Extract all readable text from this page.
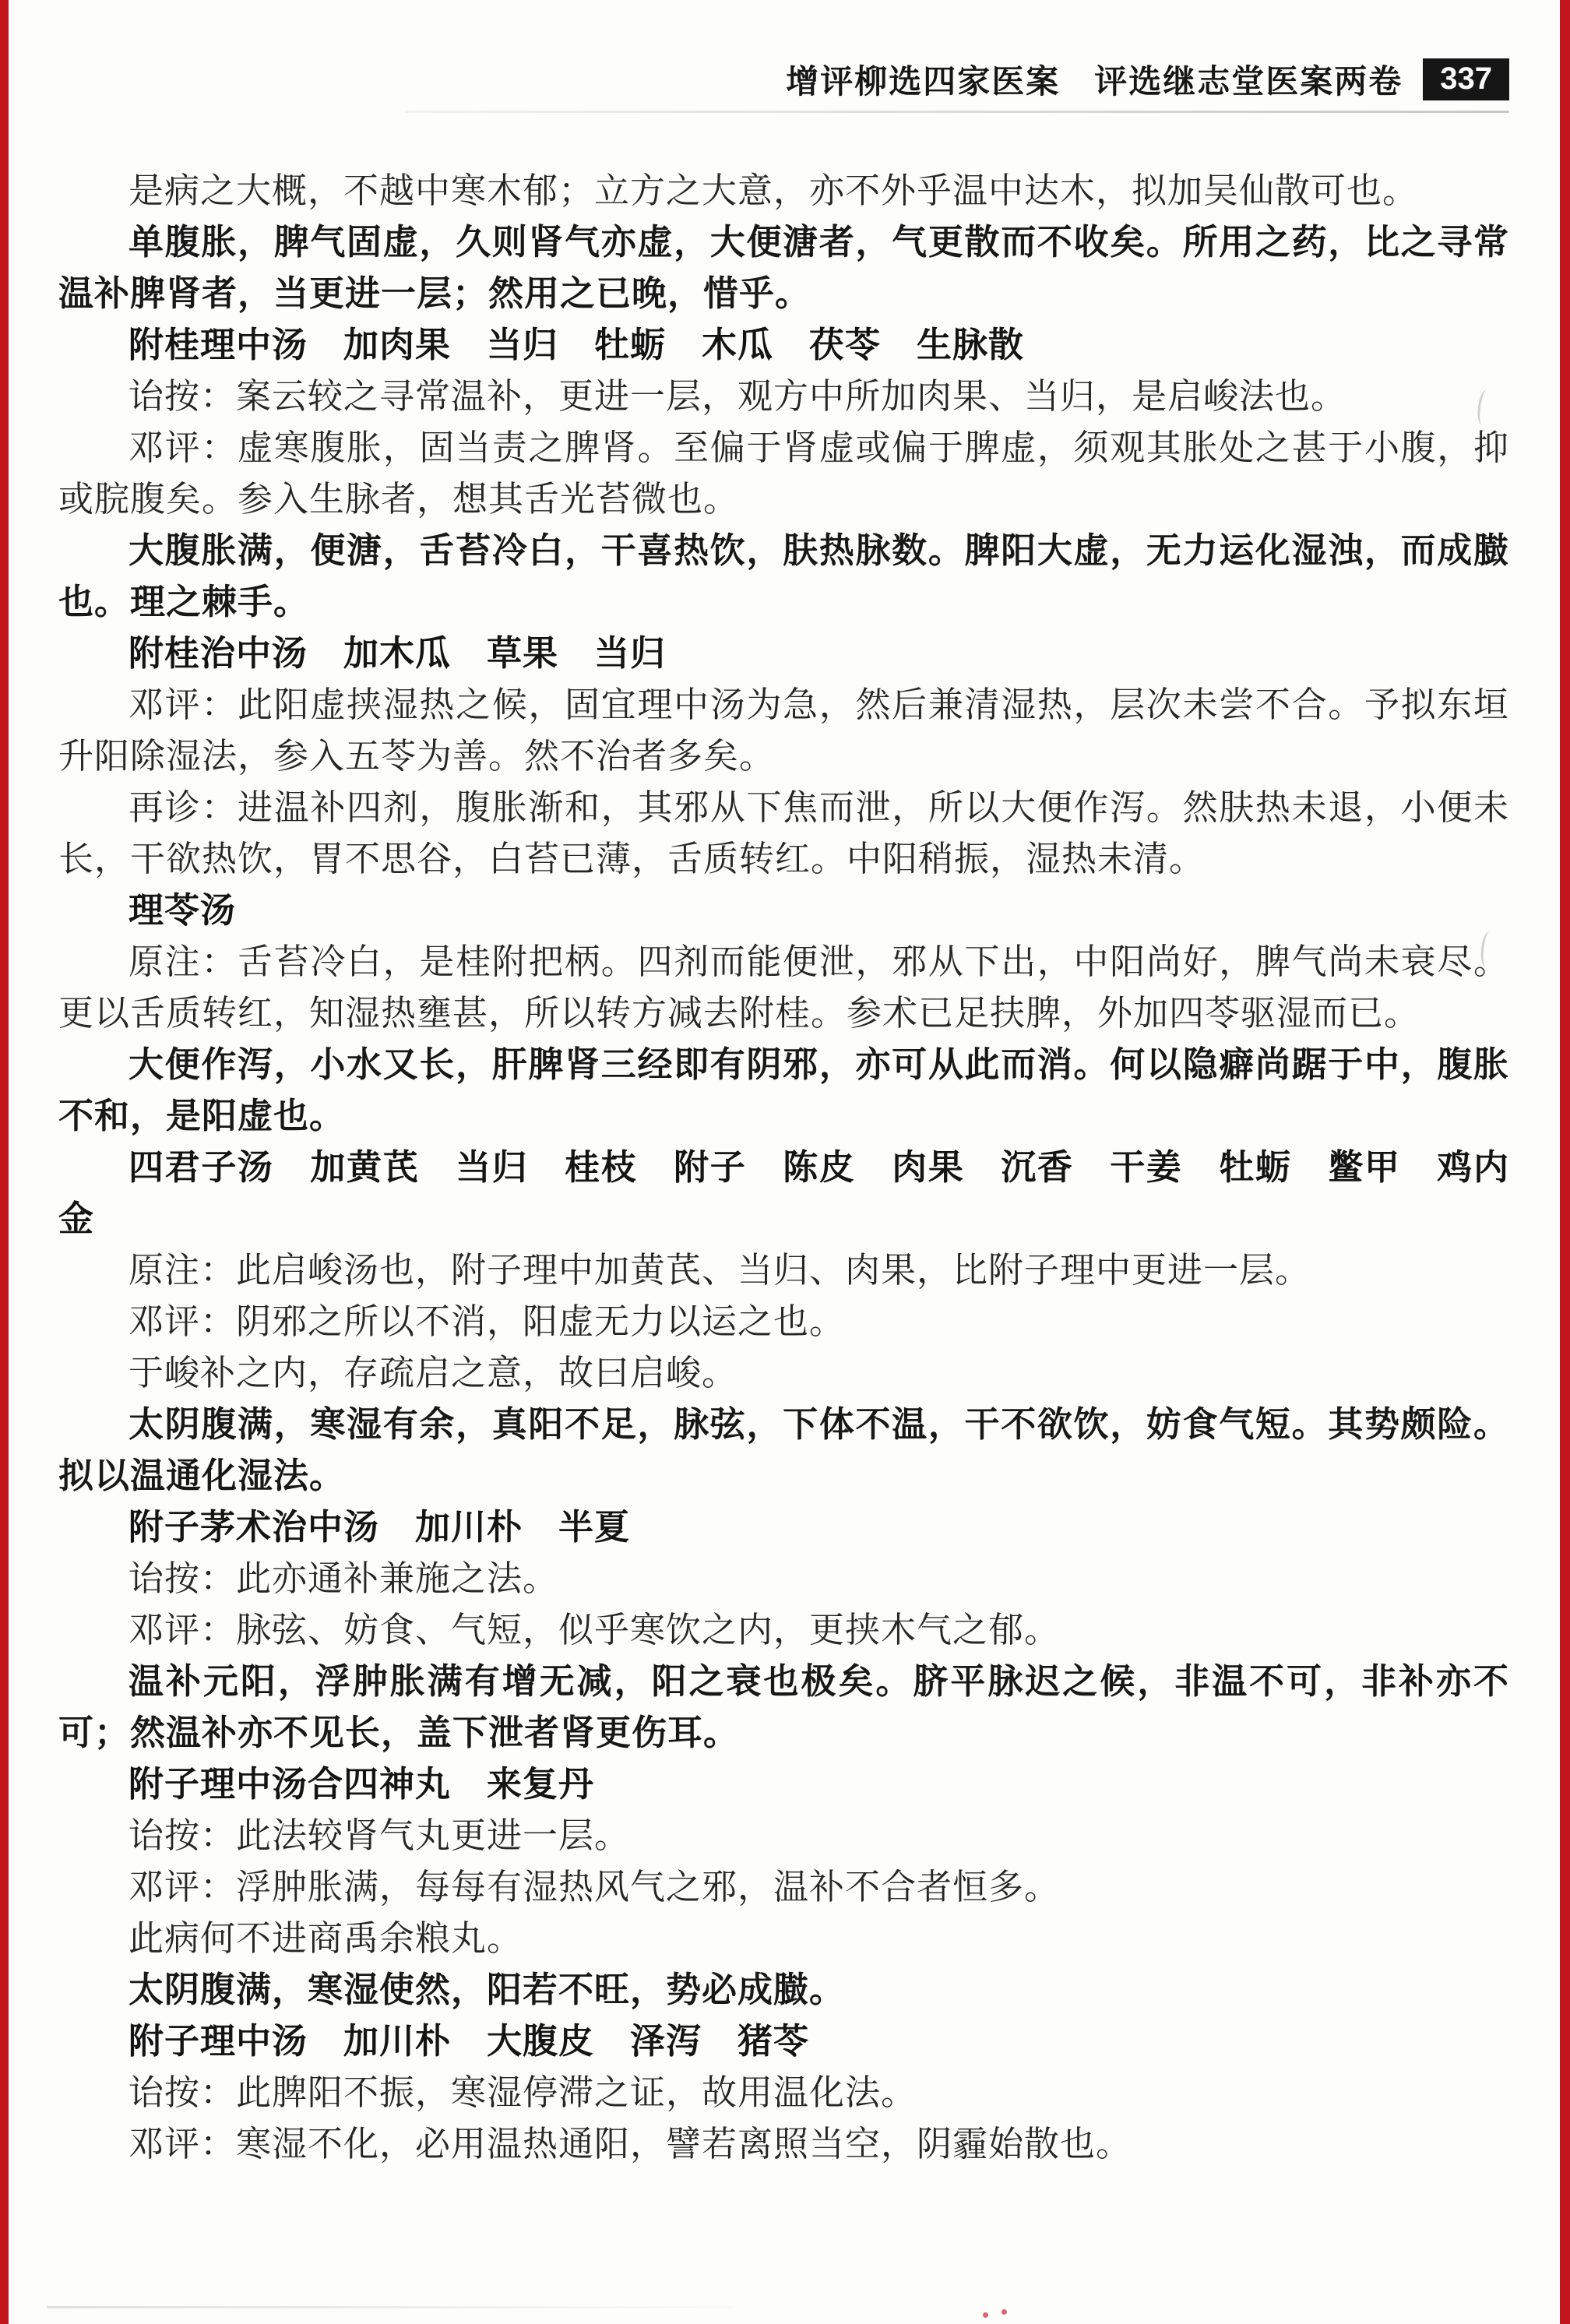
增评柳选四家医案　评选继志堂医案两卷	337

是病之大概，不越中寒木郁；立方之大意，亦不外乎温中达木，拟加吴仙散可也。

单腹胀，脾气固虚，久则肾气亦虚，大便溏者，气更散而不收矣。所用之药，比之寻常温补脾肾者，当更进一层；然用之已晚，惜乎。

附桂理中汤　加肉果　当归　牡蛎　木瓜　茯苓　生脉散

诒按：案云较之寻常温补，更进一层，观方中所加肉果、当归，是启峻法也。

邓评：虚寒腹胀，固当责之脾肾。至偏于肾虚或偏于脾虚，须观其胀处之甚于小腹，抑或脘腹矣。参入生脉者，想其舌光苔微也。

大腹胀满，便溏，舌苔冷白，干喜热饮，肤热脉数。脾阳大虚，无力运化湿浊，而成臌也。理之棘手。

附桂治中汤　加木瓜　草果　当归

邓评：此阳虚挟湿热之候，固宜理中汤为急，然后兼清湿热，层次未尝不合。予拟东垣升阳除湿法，参入五苓为善。然不治者多矣。

再诊：进温补四剂，腹胀渐和，其邪从下焦而泄，所以大便作泻。然肤热未退，小便未长，干欲热饮，胃不思谷，白苔已薄，舌质转红。中阳稍振，湿热未清。

理苓汤

原注：舌苔冷白，是桂附把柄。四剂而能便泄，邪从下出，中阳尚好，脾气尚未衰尽。更以舌质转红，知湿热壅甚，所以转方减去附桂。参术已足扶脾，外加四苓驱湿而已。

大便作泻，小水又长，肝脾肾三经即有阴邪，亦可从此而消。何以隐癖尚踞于中，腹胀不和，是阳虚也。

四君子汤　加黄芪　当归　桂枝　附子　陈皮　肉果　沉香　干姜　牡蛎　鳖甲　鸡内金

原注：此启峻汤也，附子理中加黄芪、当归、肉果，比附子理中更进一层。

邓评：阴邪之所以不消，阳虚无力以运之也。

于峻补之内，存疏启之意，故曰启峻。

太阴腹满，寒湿有余，真阳不足，脉弦，下体不温，干不欲饮，妨食气短。其势颇险。拟以温通化湿法。

附子茅术治中汤　加川朴　半夏

诒按：此亦通补兼施之法。

邓评：脉弦、妨食、气短，似乎寒饮之内，更挟木气之郁。

温补元阳，浮肿胀满有增无减，阳之衰也极矣。脐平脉迟之候，非温不可，非补亦不可；然温补亦不见长，盖下泄者肾更伤耳。

附子理中汤合四神丸　来复丹

诒按：此法较肾气丸更进一层。

邓评：浮肿胀满，每每有湿热风气之邪，温补不合者恒多。

此病何不进商禹余粮丸。

太阴腹满，寒湿使然，阳若不旺，势必成臌。

附子理中汤　加川朴　大腹皮　泽泻　猪苓

诒按：此脾阳不振，寒湿停滞之证，故用温化法。

邓评：寒湿不化，必用温热通阳，譬若离照当空，阴霾始散也。
